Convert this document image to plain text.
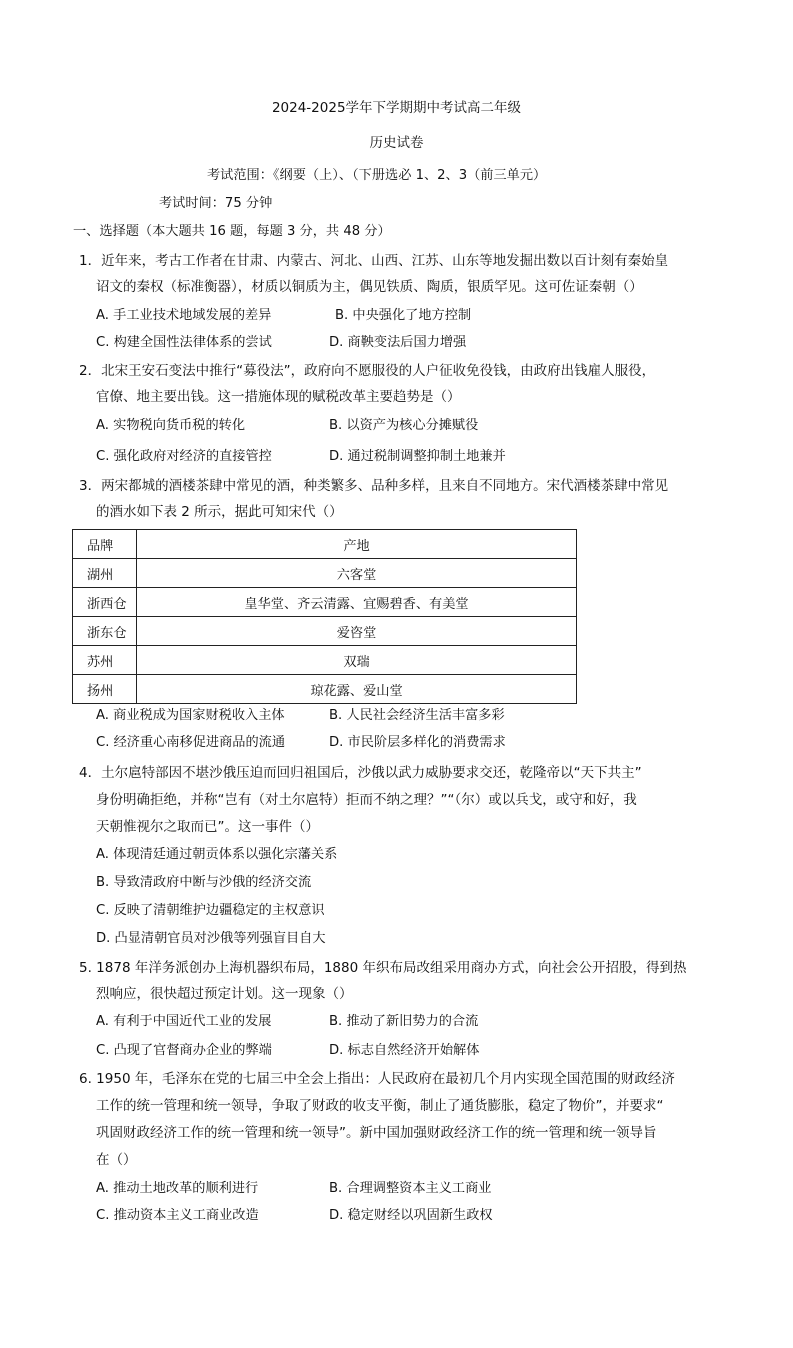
2024-2025学年下学期期中考试高二年级
历史试卷
考试范围：《纲要（上）、（下册选必 1、2、3（前三单元）
考试时间：75 分钟
一、选择题（本大题共 16 题，每题 3 分，共 48 分）
1．近年来，考古工作者在甘肃、内蒙古、河北、山西、江苏、山东等地发掘出数以百计刻有秦始皇
诏文的秦权（标准衡器），材质以铜质为主，偶见铁质、陶质，银质罕见。这可佐证秦朝（）
A. 手工业技术地域发展的差异	B. 中央强化了地方控制
C. 构建全国性法律体系的尝试	D. 商鞅变法后国力增强
2．北宋王安石变法中推行“募役法”，政府向不愿服役的人户征收免役钱，由政府出钱雇人服役，
官僚、地主要出钱。这一措施体现的赋税改革主要趋势是（）
A. 实物税向货币税的转化	B. 以资产为核心分摊赋役
C. 强化政府对经济的直接管控	D. 通过税制调整抑制土地兼并
3．两宋都城的酒楼茶肆中常见的酒，种类繁多、品种多样，且来自不同地方。宋代酒楼茶肆中常见
的酒水如下表 2 所示，据此可知宋代（）
品牌	产地
湖州	六客堂
浙西仓	皇华堂、齐云清露、宜赐碧香、有美堂
浙东仓	爱咨堂
苏州	双瑞
扬州	琼花露、爱山堂
A. 商业税成为国家财税收入主体	B. 人民社会经济生活丰富多彩
C. 经济重心南移促进商品的流通	D. 市民阶层多样化的消费需求
4．土尔扈特部因不堪沙俄压迫而回归祖国后，沙俄以武力威胁要求交还，乾隆帝以“天下共主”
身份明确拒绝，并称“岂有（对土尔扈特）拒而不纳之理？”“（尔）或以兵戈，或守和好，我
天朝惟视尔之取而已”。这一事件（）
A. 体现清廷通过朝贡体系以强化宗藩关系
B. 导致清政府中断与沙俄的经济交流
C. 反映了清朝维护边疆稳定的主权意识
D. 凸显清朝官员对沙俄等列强盲目自大
5. 1878 年洋务派创办上海机器织布局，1880 年织布局改组采用商办方式，向社会公开招股，得到热
烈响应，很快超过预定计划。这一现象（）
A. 有利于中国近代工业的发展	B. 推动了新旧势力的合流
C. 凸现了官督商办企业的弊端	D. 标志自然经济开始解体
6. 1950 年，毛泽东在党的七届三中全会上指出：人民政府在最初几个月内实现全国范围的财政经济
工作的统一管理和统一领导，争取了财政的收支平衡，制止了通货膨胀，稳定了物价”，并要求“
巩固财政经济工作的统一管理和统一领导”。新中国加强财政经济工作的统一管理和统一领导旨
在（）
A. 推动土地改革的顺利进行	B. 合理调整资本主义工商业
C. 推动资本主义工商业改造	D. 稳定财经以巩固新生政权
